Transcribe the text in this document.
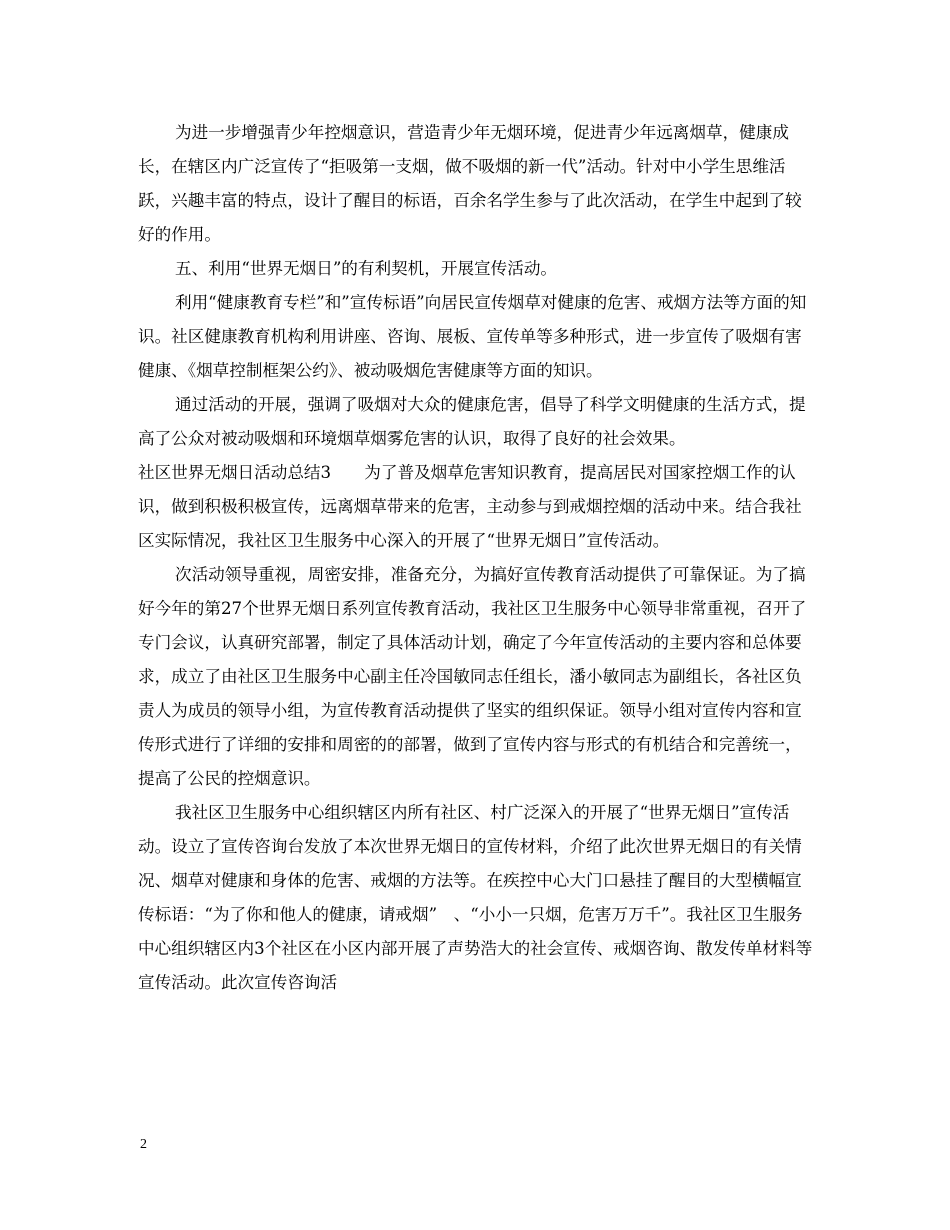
为进一步增强青少年控烟意识，营造青少年无烟环境，促进青少年远离烟草，健康成长，在辖区内广泛宣传了“拒吸第一支烟，做不吸烟的新一代”活动。针对中小学生思维活跃，兴趣丰富的特点，设计了醒目的标语，百余名学生参与了此次活动，在学生中起到了较好的作用。

五、利用“世界无烟日”的有利契机，开展宣传活动。

利用“健康教育专栏”和”宣传标语”向居民宣传烟草对健康的危害、戒烟方法等方面的知识。社区健康教育机构利用讲座、咨询、展板、宣传单等多种形式，进一步宣传了吸烟有害健康、《烟草控制框架公约》、被动吸烟危害健康等方面的知识。

通过活动的开展，强调了吸烟对大众的健康危害，倡导了科学文明健康的生活方式，提高了公众对被动吸烟和环境烟草烟雾危害的认识，取得了良好的社会效果。

社区世界无烟日活动总结3　　为了普及烟草危害知识教育，提高居民对国家控烟工作的认识，做到积极积极宣传，远离烟草带来的危害，主动参与到戒烟控烟的活动中来。结合我社区实际情况，我社区卫生服务中心深入的开展了“世界无烟日”宣传活动。

次活动领导重视，周密安排，准备充分，为搞好宣传教育活动提供了可靠保证。为了搞好今年的第27个世界无烟日系列宣传教育活动，我社区卫生服务中心领导非常重视，召开了专门会议，认真研究部署，制定了具体活动计划，确定了今年宣传活动的主要内容和总体要求，成立了由社区卫生服务中心副主任冷国敏同志任组长，潘小敏同志为副组长，各社区负责人为成员的领导小组，为宣传教育活动提供了坚实的组织保证。领导小组对宣传内容和宣传形式进行了详细的安排和周密的的部署，做到了宣传内容与形式的有机结合和完善统一，提高了公民的控烟意识。

我社区卫生服务中心组织辖区内所有社区、村广泛深入的开展了“世界无烟日”宣传活动。设立了宣传咨询台发放了本次世界无烟日的宣传材料，介绍了此次世界无烟日的有关情况、烟草对健康和身体的危害、戒烟的方法等。在疾控中心大门口悬挂了醒目的大型横幅宣传标语：“为了你和他人的健康，请戒烟”　、“小小一只烟，危害万万千”。我社区卫生服务中心组织辖区内3个社区在小区内部开展了声势浩大的社会宣传、戒烟咨询、散发传单材料等宣传活动。此次宣传咨询活

2
